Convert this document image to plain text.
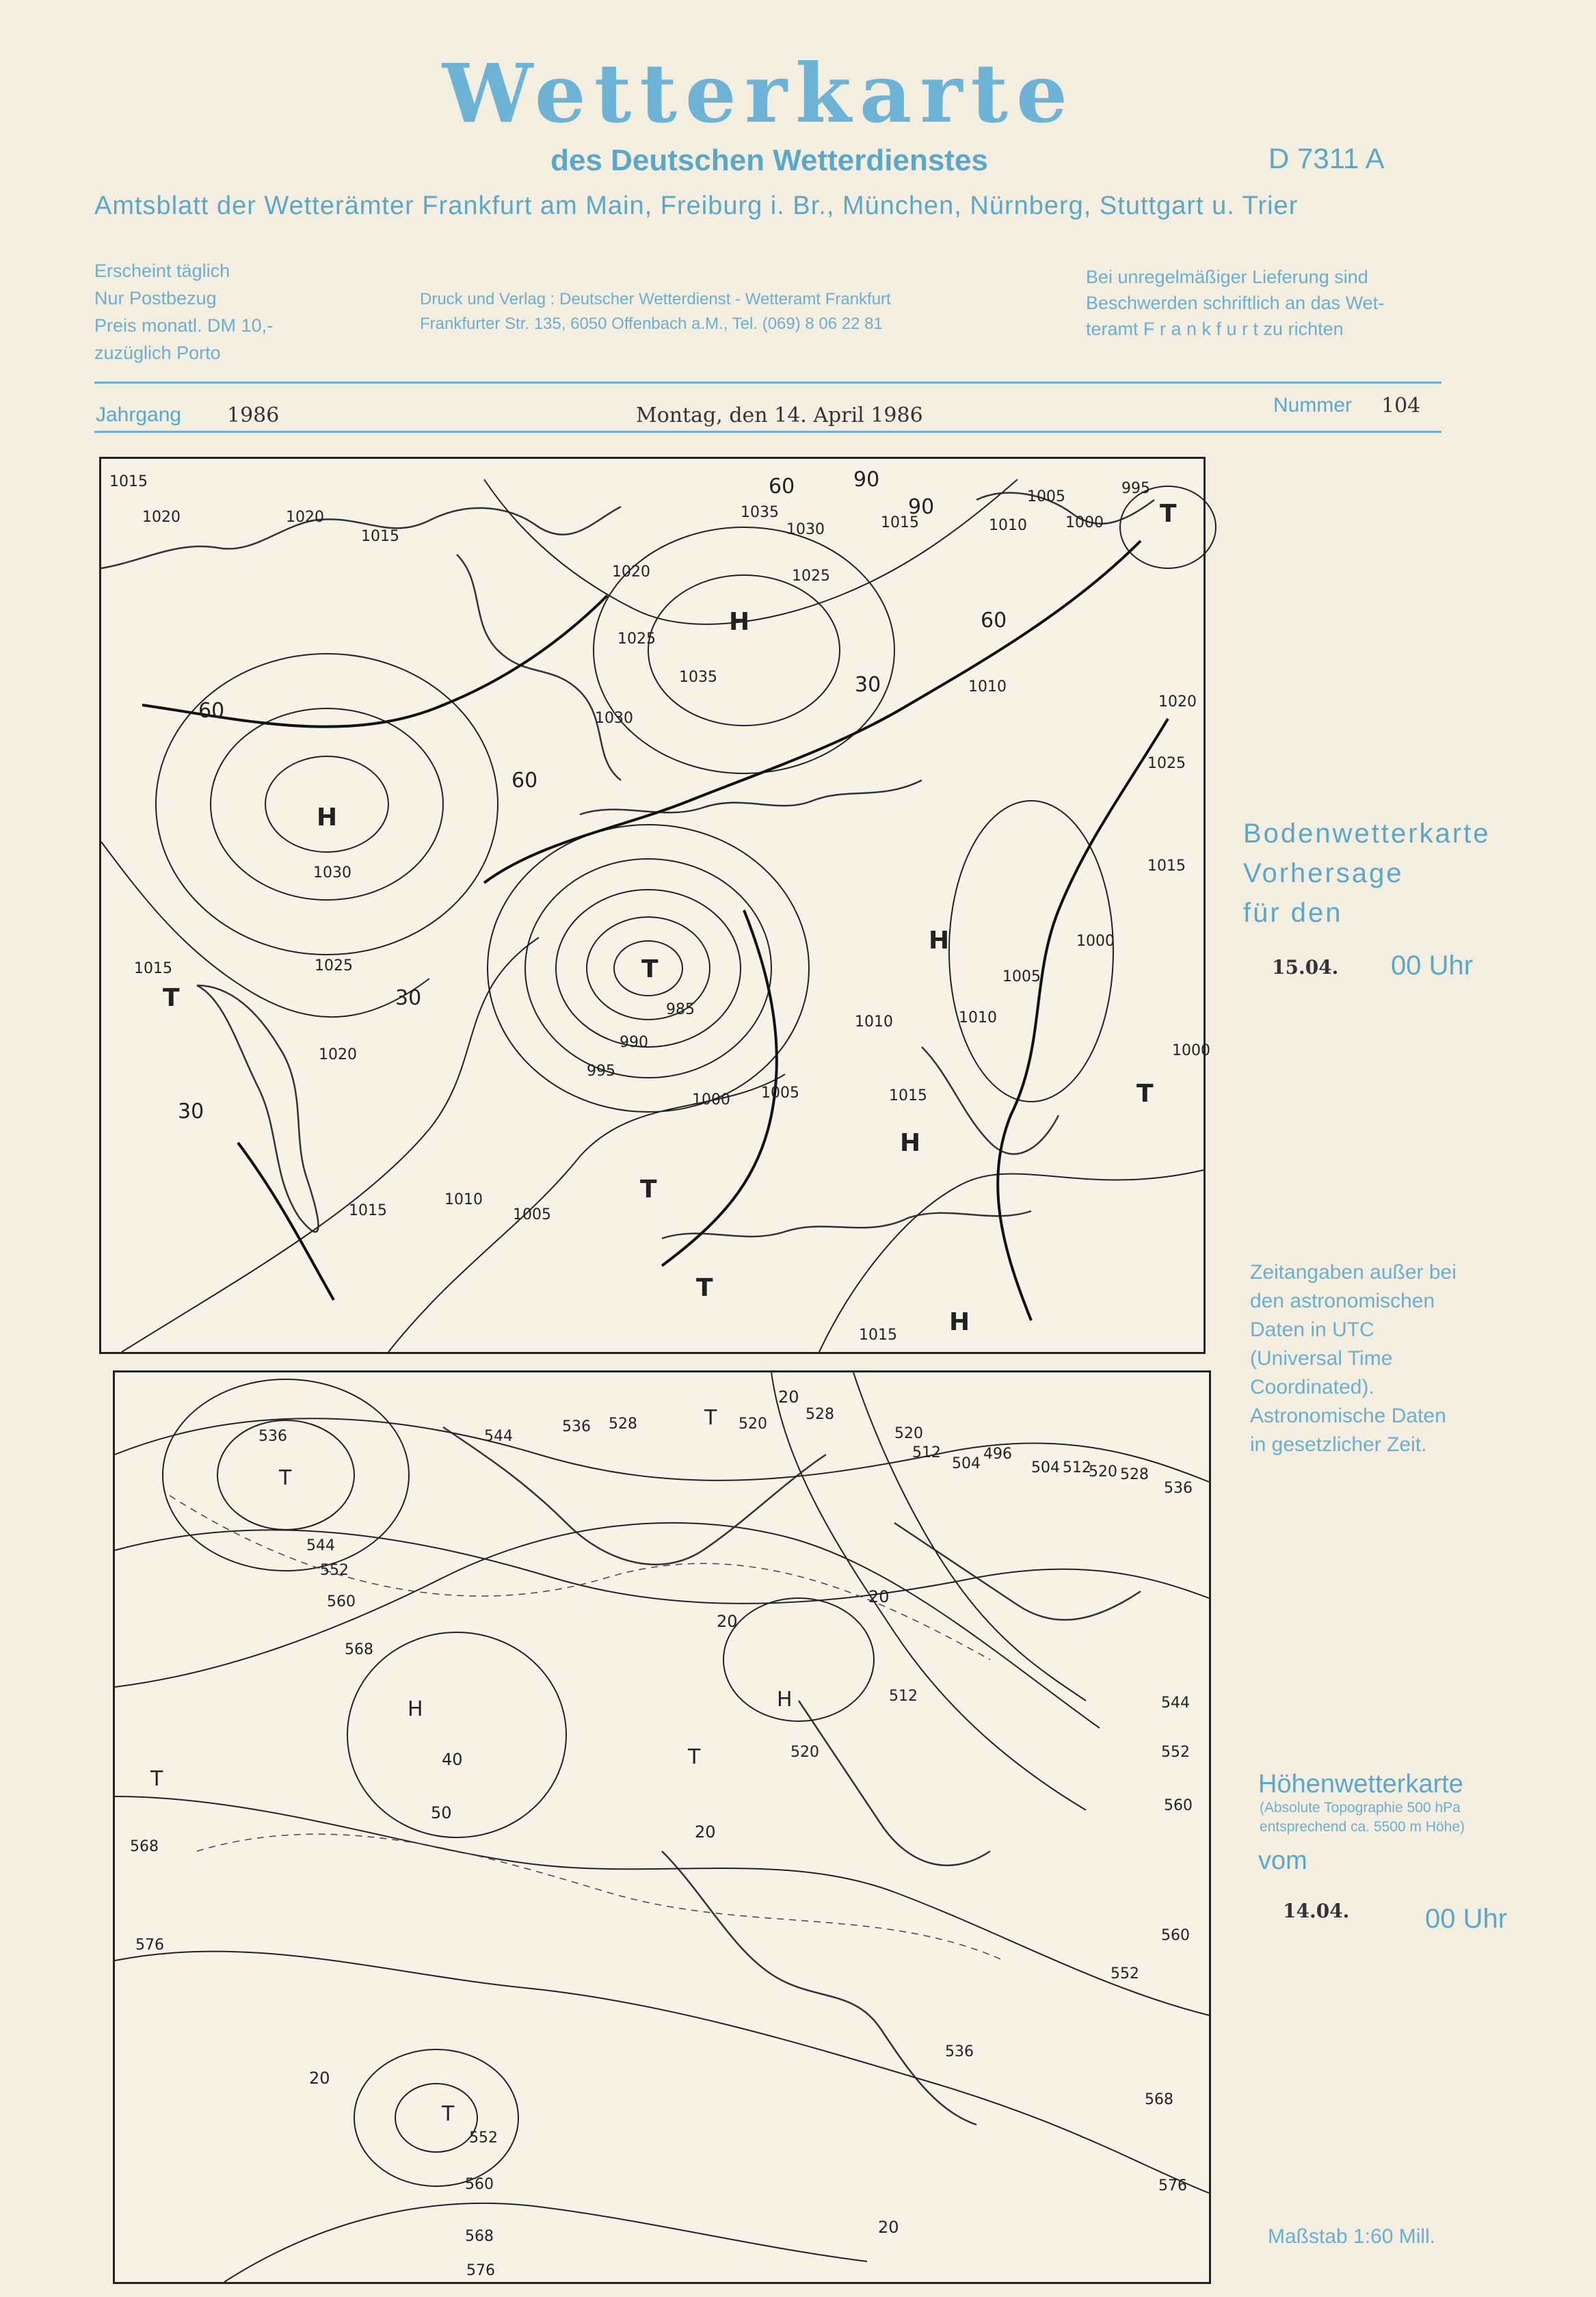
Wetterkarte
des Deutschen Wetterdienstes	D 7311 A
Amtsblatt der Wetterämter Frankfurt am Main, Freiburg i. Br., München, Nürnberg, Stuttgart u. Trier
Erscheint täglich
Nur Postbezug
Preis monatl. DM 10,-
zuzüglich Porto
Druck und Verlag : Deutscher Wetterdienst - Wetteramt Frankfurt
Frankfurter Str. 135, 6050 Offenbach a.M., Tel. (069) 8 06 22 81
Bei unregelmäßiger Lieferung sind
Beschwerden schriftlich an das Wet-
teramt F r a n k f u r t zu richten
Jahrgang 1986	Montag, den 14. April 1986	Nummer 104
1015
1020	1020
1015
1035
1030	1015	1010
1005
1000
995
1020	1025
1025
1035
1030
1010
1020
1025
1030	1015
1015	1025
1020
985
990
995
1000 1005
1010	1010
1015
1005
1000
1000
1015
1010
1005
1015
60	90
60
30
60
30
30
60
90
H
H
H
H
H
T
T
T
T
T
T
536	544
536 528	520
528
520
512
504
496
504 512
520 528
536
544
552
560
568
544
552
560
568
576
512
520
536
552
560
568
576
552
560
568
576
20
40
50
20
20
20
20
20
H	H
T
T
T
T
T
Bodenwetterkarte
Vorhersage
für den
15.04. 00 Uhr
Zeitangaben außer bei
den astronomischen
Daten in UTC
(Universal Time
Coordinated).
Astronomische Daten
in gesetzlicher Zeit.
Höhenwetterkarte
(Absolute Topographie 500 hPa
entsprechend ca. 5500 m Höhe)
vom
14.04.	00 Uhr
Maßstab 1:60 Mill.
